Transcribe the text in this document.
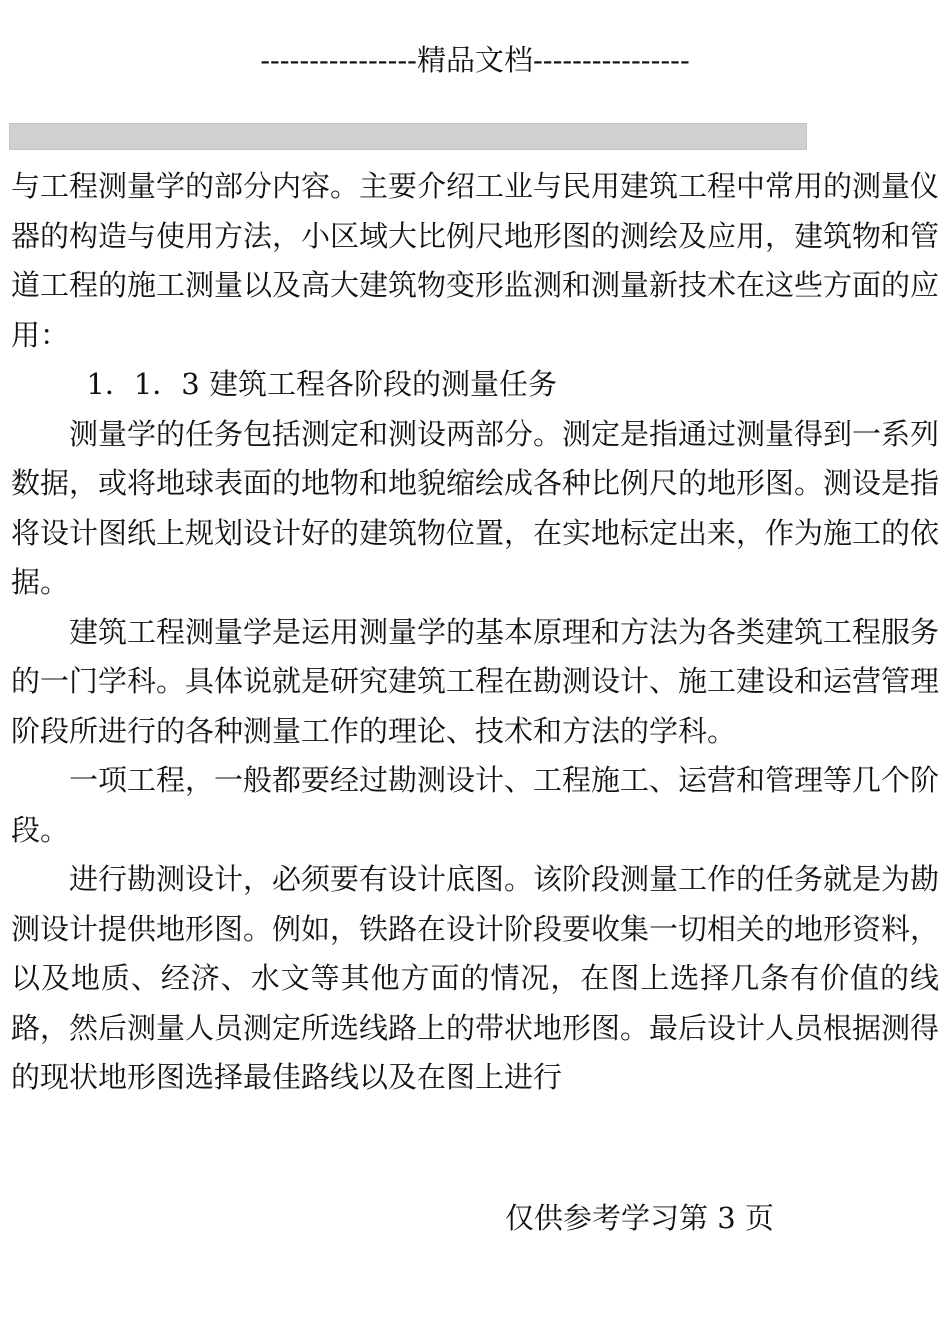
----------------精品文档----------------

与工程测量学的部分内容。主要介绍工业与民用建筑工程中常用的测量仪器的构造与使用方法，小区域大比例尺地形图的测绘及应用，建筑物和管道工程的施工测量以及高大建筑物变形监测和测量新技术在这些方面的应用：

1．1．3 建筑工程各阶段的测量任务

测量学的任务包括测定和测设两部分。测定是指通过测量得到一系列数据，或将地球表面的地物和地貌缩绘成各种比例尺的地形图。测设是指将设计图纸上规划设计好的建筑物位置，在实地标定出来，作为施工的依据。

建筑工程测量学是运用测量学的基本原理和方法为各类建筑工程服务的一门学科。具体说就是研究建筑工程在勘测设计、施工建设和运营管理阶段所进行的各种测量工作的理论、技术和方法的学科。

一项工程，一般都要经过勘测设计、工程施工、运营和管理等几个阶段。

进行勘测设计，必须要有设计底图。该阶段测量工作的任务就是为勘测设计提供地形图。例如，铁路在设计阶段要收集一切相关的地形资料，以及地质、经济、水文等其他方面的情况，在图上选择几条有价值的线路，然后测量人员测定所选线路上的带状地形图。最后设计人员根据测得的现状地形图选择最佳路线以及在图上进行

仅供参考学习第 3 页
